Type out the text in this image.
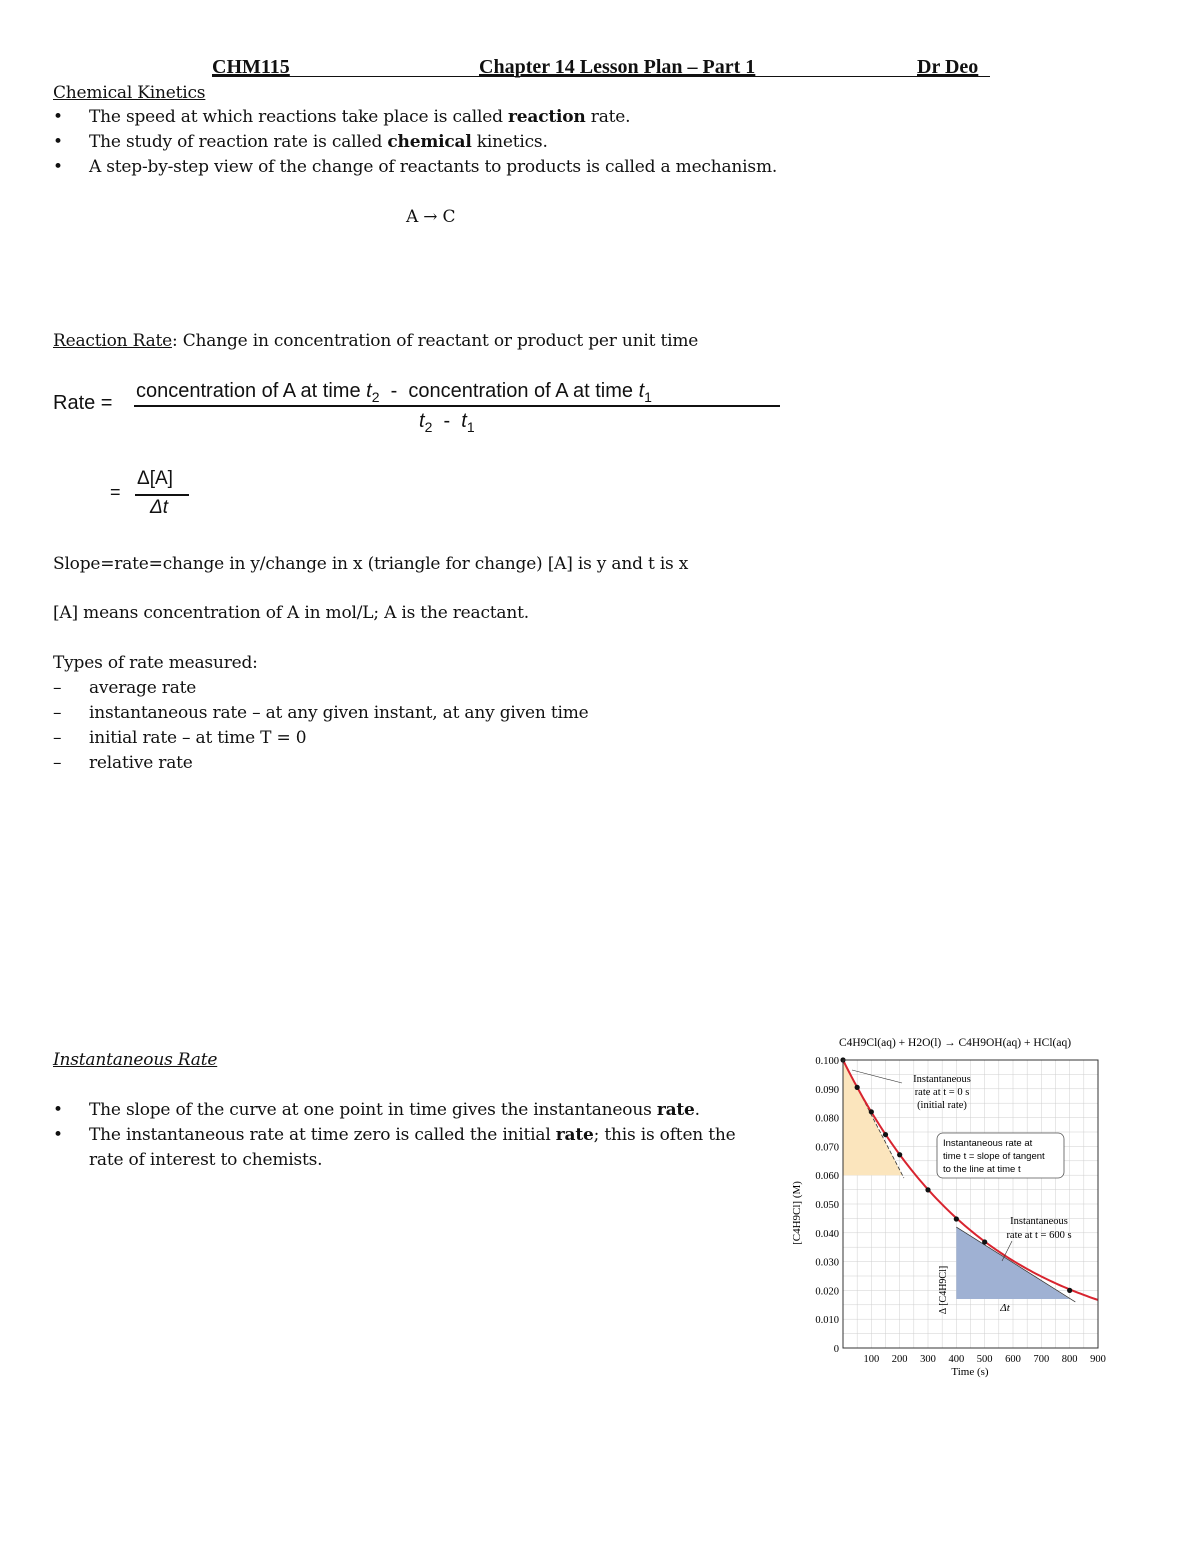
CHM115	Chapter 14 Lesson Plan – Part 1	Dr Deo
Chemical Kinetics
• The speed at which reactions take place is called reaction rate.
• The study of reaction rate is called chemical kinetics.
• A step-by-step view of the change of reactants to products is called a mechanism.
A → C
Reaction Rate: Change in concentration of reactant or product per unit time
Rate =
concentration of A at time $t_2$ - concentration of A at time $t_1$
$t_2 - t_1$
=
Δ[A]
Δt
Slope=rate=change in y/change in x (triangle for change) [A] is y and t is x
[A] means concentration of A in mol/L; A is the reactant.
Types of rate measured:
– average rate
– instantaneous rate – at any given instant, at any given time
– initial rate – at time T = 0
– relative rate
Instantaneous Rate
• The slope of the curve at one point in time gives the instantaneous rate.
• The instantaneous rate at time zero is called the initial rate; this is often the
rate of interest to chemists.
C4H9Cl(aq) + H2O(l) → C4H9OH(aq) + HCl(aq)
100 200 300 400 500 600 700 800 900
0
0.010
0.020
0.030
0.040
0.050
0.060
0.070
0.080
0.090
0.100
Instantaneous
rate at t = 0 s
(initial rate)
Instantaneous rate at
time t = slope of tangent
to the line at time t
Instantaneous
rate at t = 600 s
Δ [C4H9Cl]	Δt
[C4H9Cl] (M)
Time (s)
